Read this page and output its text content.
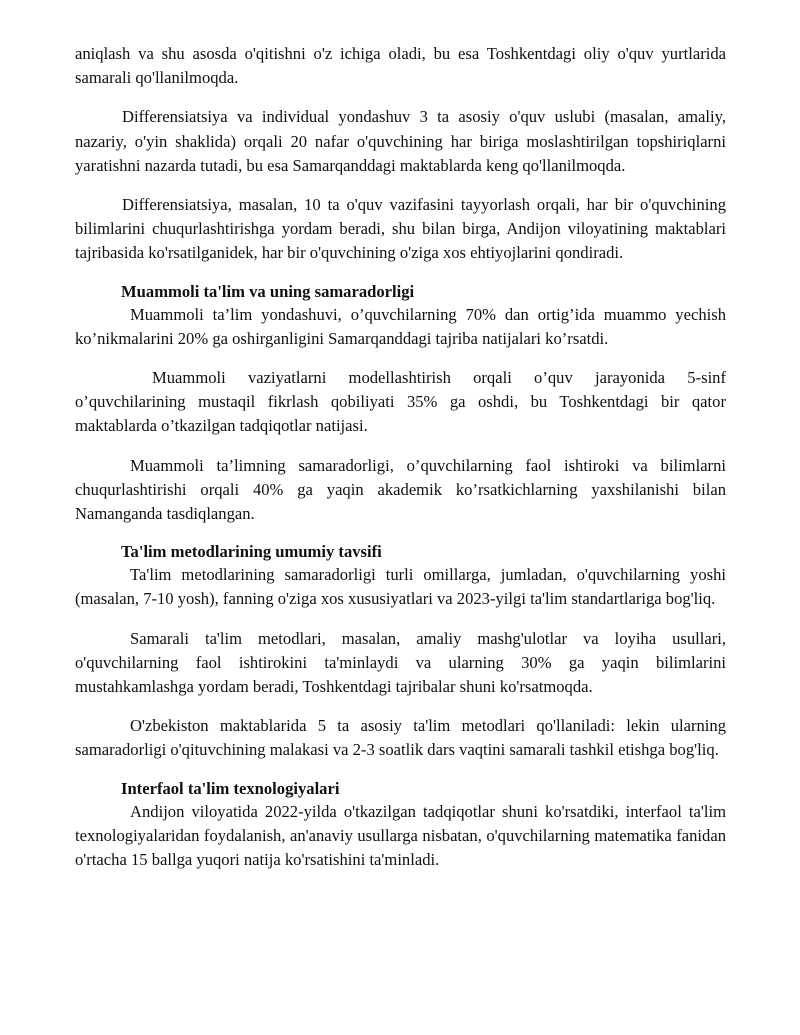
aniqlash va shu asosda o'qitishni o'z ichiga oladi, bu esa Toshkentdagi oliy o'quv yurtlarida samarali qo'llanilmoqda.

Differensiatsiya va individual yondashuv 3 ta asosiy o'quv uslubi (masalan, amaliy, nazariy, o'yin shaklida) orqali 20 nafar o'quvchining har biriga moslashtirilgan topshiriqlarni yaratishni nazarda tutadi, bu esa Samarqanddagi maktablarda keng qo'llanilmoqda.

Differensiatsiya, masalan, 10 ta o'quv vazifasini tayyorlash orqali, har bir o'quvchining bilimlarini chuqurlashtirishga yordam beradi, shu bilan birga, Andijon viloyatining maktablari tajribasida ko'rsatilganidek, har bir o'quvchining o'ziga xos ehtiyojlarini qondiradi.

Muammoli ta'lim va uning samaradorligi

Muammoli ta’lim yondashuvi, o’quvchilarning 70% dan ortig’ida muammo yechish ko’nikmalarini 20% ga oshirganligini Samarqanddagi tajriba natijalari ko’rsatdi.

Muammoli vaziyatlarni modellashtirish orqali o’quv jarayonida 5-sinf o’quvchilarining mustaqil fikrlash qobiliyati 35% ga oshdi, bu Toshkentdagi bir qator maktablarda o’tkazilgan tadqiqotlar natijasi.

Muammoli ta’limning samaradorligi, o’quvchilarning faol ishtiroki va bilimlarni chuqurlashtirishi orqali 40% ga yaqin akademik ko’rsatkichlarning yaxshilanishi bilan Namanganda tasdiqlangan.

Ta'lim metodlarining umumiy tavsifi

Ta'lim metodlarining samaradorligi turli omillarga, jumladan, o'quvchilarning yoshi (masalan, 7-10 yosh), fanning o'ziga xos xususiyatlari va 2023-yilgi ta'lim standartlariga bog'liq.

Samarali ta'lim metodlari, masalan, amaliy mashg'ulotlar va loyiha usullari, o'quvchilarning faol ishtirokini ta'minlaydi va ularning 30% ga yaqin bilimlarini mustahkamlashga yordam beradi, Toshkentdagi tajribalar shuni ko'rsatmoqda.

O'zbekiston maktablarida 5 ta asosiy ta'lim metodlari qo'llaniladi: lekin ularning samaradorligi o'qituvchining malakasi va 2-3 soatlik dars vaqtini samarali tashkil etishga bog'liq.

Interfaol ta'lim texnologiyalari

Andijon viloyatida 2022-yilda o'tkazilgan tadqiqotlar shuni ko'rsatdiki, interfaol ta'lim texnologiyalaridan foydalanish, an'anaviy usullarga nisbatan, o'quvchilarning matematika fanidan o'rtacha 15 ballga yuqori natija ko'rsatishini ta'minladi.
